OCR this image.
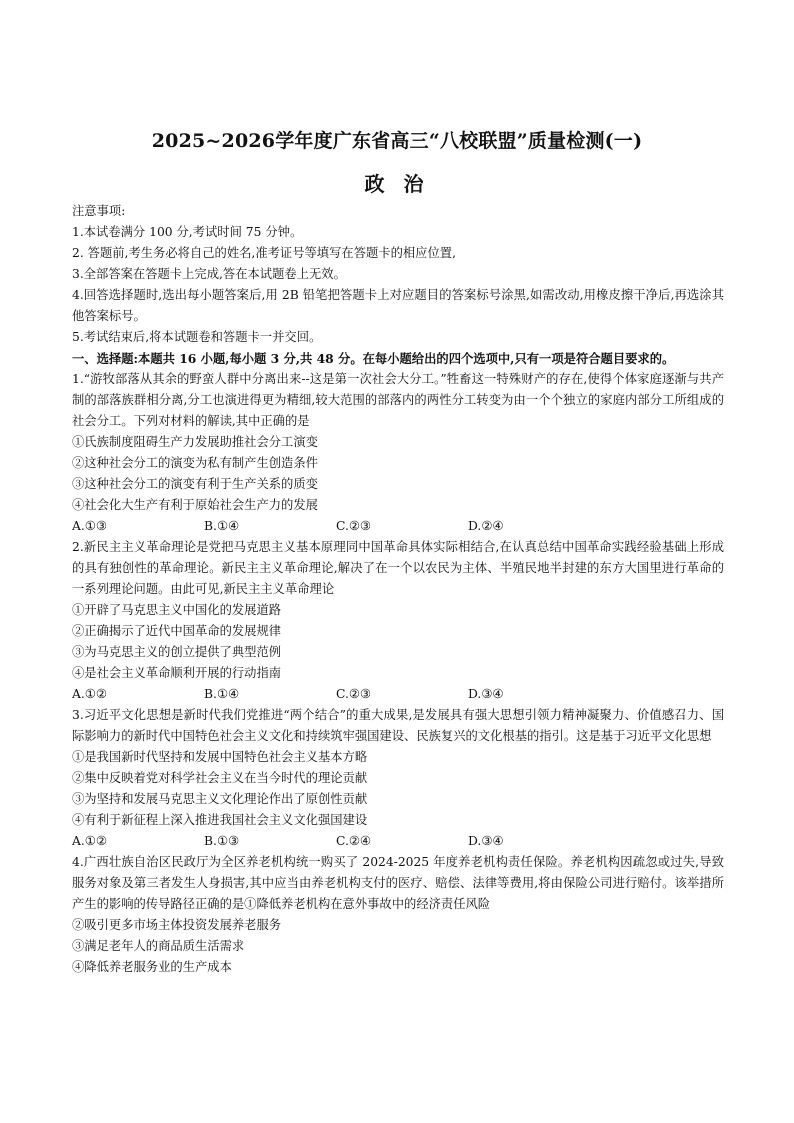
2025~2026学年度广东省高三“八校联盟”质量检测(一)
政 治
注意事项:
1.本试卷满分 100 分,考试时间 75 分钟。
2. 答题前,考生务必将自己的姓名,准考证号等填写在答题卡的相应位置,
3.全部答案在答题卡上完成,答在本试题卷上无效。
4.回答选择题时,选出每小题答案后,用 2B 铅笔把答题卡上对应题目的答案标号涂黑,如需改动,用橡皮擦干净后,再选涂其他答案标号。
5.考试结束后,将本试题卷和答题卡一并交回。
一、选择题:本题共 16 小题,每小题 3 分,共 48 分。在每小题给出的四个选项中,只有一项是符合题目要求的。
1.“游牧部落从其余的野蛮人群中分离出来--这是第一次社会大分工。”牲畜这一特殊财产的存在,使得个体家庭逐渐与共产制的部落族群相分离,分工也演进得更为精细,较大范围的部落内的两性分工转变为由一个个独立的家庭内部分工所组成的社会分工。下列对材料的解读,其中正确的是
①氏族制度阻碍生产力发展助推社会分工演变
②这种社会分工的演变为私有制产生创造条件
③这种社会分工的演变有利于生产关系的质变
④社会化大生产有利于原始社会生产力的发展
A.①③	B.①④	C.②③	D.②④
2.新民主主义革命理论是党把马克思主义基本原理同中国革命具体实际相结合,在认真总结中国革命实践经验基础上形成的具有独创性的革命理论。新民主主义革命理论,解决了在一个以农民为主体、半殖民地半封建的东方大国里进行革命的一系列理论问题。由此可见,新民主主义革命理论
①开辟了马克思主义中国化的发展道路
②正确揭示了近代中国革命的发展规律
③为马克思主义的创立提供了典型范例
④是社会主义革命顺利开展的行动指南
A.①②	B.①④	C.②③	D.③④
3.习近平文化思想是新时代我们党推进“两个结合”的重大成果,是发展具有强大思想引领力精神凝聚力、价值感召力、国际影响力的新时代中国特色社会主义文化和持续筑牢强国建设、民族复兴的文化根基的指引。这是基于习近平文化思想
①是我国新时代坚持和发展中国特色社会主义基本方略
②集中反映着党对科学社会主义在当今时代的理论贡献
③为坚持和发展马克思主义文化理论作出了原创性贡献
④有利于新征程上深入推进我国社会主义文化强国建设
A.①②	B.①③	C.②④	D.③④
4.广西壮族自治区民政厅为全区养老机构统一购买了 2024-2025 年度养老机构责任保险。养老机构因疏忽或过失,导致服务对象及第三者发生人身损害,其中应当由养老机构支付的医疗、赔偿、法律等费用,将由保险公司进行赔付。该举措所产生的影响的传导路径正确的是①降低养老机构在意外事故中的经济责任风险
②吸引更多市场主体投资发展养老服务
③满足老年人的商品质生活需求
④降低养老服务业的生产成本
